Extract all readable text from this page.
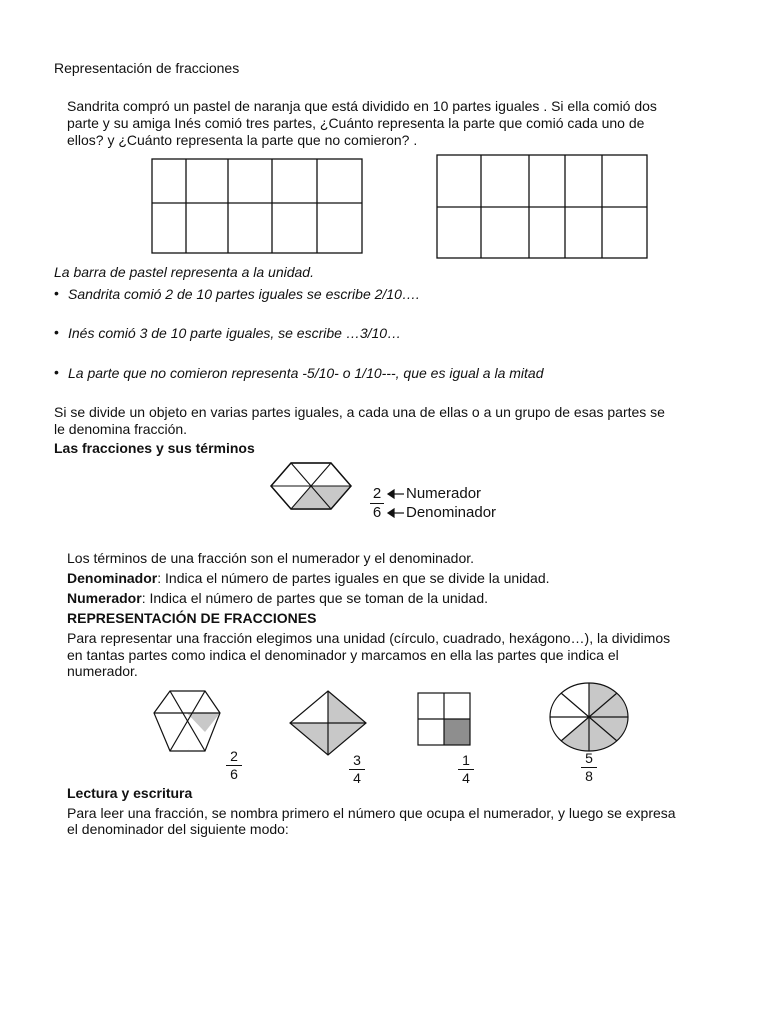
Representación de fracciones
Sandrita compró un pastel de naranja que está dividido en 10 partes iguales . Si ella comió dos
parte y su amiga Inés comió tres partes, ¿Cuánto representa la parte que comió cada uno de
ellos? y ¿Cuánto representa la parte que no comieron? .
La barra de pastel representa a la unidad.
• Sandrita comió 2 de 10 partes iguales se escribe 2/10….
• Inés comió 3 de 10 parte iguales, se escribe …3/10…
• La parte que no comieron representa -5/10- o 1/10---, que es igual a la mitad
Si se divide un objeto en varias partes iguales, a cada una de ellas o a un grupo de esas partes se
le denomina fracción.
Las fracciones y sus términos
2
6
Numerador
Denominador
Los términos de una fracción son el numerador y el denominador.
Denominador: Indica el número de partes iguales en que se divide la unidad.
Numerador: Indica el número de partes que se toman de la unidad.
REPRESENTACIÓN DE FRACCIONES
Para representar una fracción elegimos una unidad (círculo, cuadrado, hexágono…), la dividimos
en tantas partes como indica el denominador y marcamos en ella las partes que indica el
numerador.
2
6
3
4
1
4
5
8
Lectura y escritura
Para leer una fracción, se nombra primero el número que ocupa el numerador, y luego se expresa
el denominador del siguiente modo:
